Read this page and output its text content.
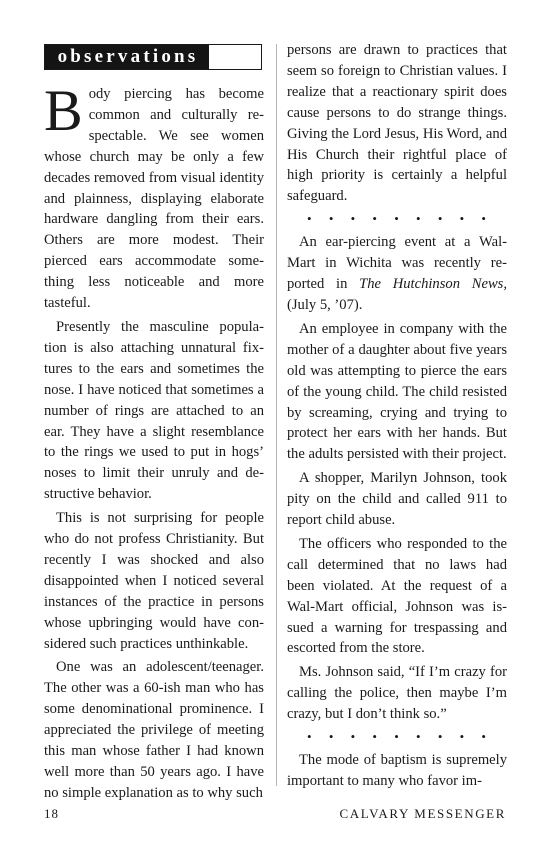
observations

Body piercing has become common and culturally re-spectable. We see women whose church may be only a few decades removed from visual identity and plainness, displaying elaborate hardware dangling from their ears. Others are more modest. Their pierced ears accommodate some-thing less noticeable and more tasteful.

Presently the masculine popula-tion is also attaching unnatural fix-tures to the ears and sometimes the nose. I have noticed that sometimes a number of rings are attached to an ear. They have a slight resemblance to the rings we used to put in hogs’ noses to limit their unruly and de-structive behavior.

This is not surprising for people who do not profess Christianity. But recently I was shocked and also disappointed when I noticed several instances of the practice in persons whose upbringing would have con-sidered such practices unthinkable.

One was an adolescent/teenager. The other was a 60-ish man who has some denominational prominence. I appreciated the privilege of meeting this man whose father I had known well more than 50 years ago. I have no simple explanation as to why such

persons are drawn to practices that seem so foreign to Christian values. I realize that a reactionary spirit does cause persons to do strange things. Giving the Lord Jesus, His Word, and His Church their rightful place of high priority is certainly a helpful safeguard.

• • • • • • • • •

An ear-piercing event at a Wal-Mart in Wichita was recently re-ported in The Hutchinson News, (July 5, ’07).

An employee in company with the mother of a daughter about five years old was attempting to pierce the ears of the young child. The child resisted by screaming, crying and trying to protect her ears with her hands. But the adults persisted with their project.

A shopper, Marilyn Johnson, took pity on the child and called 911 to report child abuse.

The officers who responded to the call determined that no laws had been violated. At the request of a Wal-Mart official, Johnson was is-sued a warning for trespassing and escorted from the store.

Ms. Johnson said, “If I’m crazy for calling the police, then maybe I’m crazy, but I don’t think so.”

• • • • • • • • •

The mode of baptism is supremely important to many who favor im-

18	CALVARY MESSENGER
